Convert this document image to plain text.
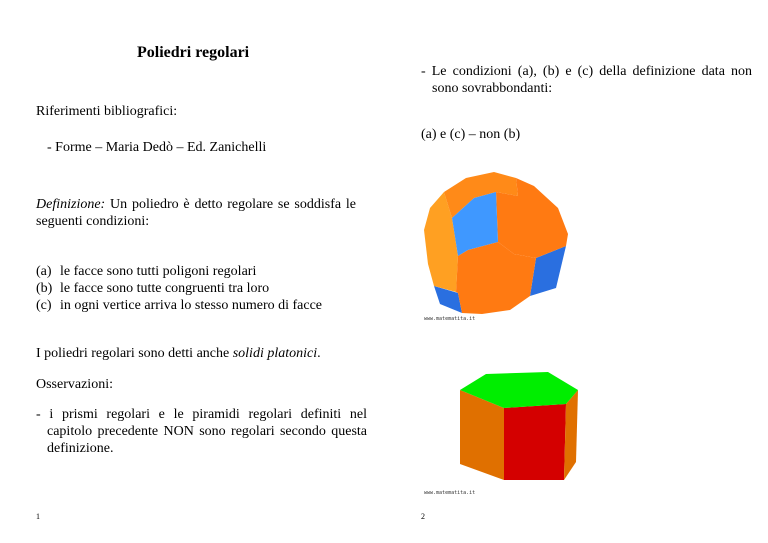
Poliedri regolari
Riferimenti bibliografici:
- Forme – Maria Dedò – Ed. Zanichelli
Definizione: Un poliedro è detto regolare se soddisfa le seguenti condizioni:
(a) le facce sono tutti poligoni regolari
(b) le facce sono tutte congruenti tra loro
(c) in ogni vertice arriva lo stesso numero di facce
I poliedri regolari sono detti anche solidi platonici.
Osservazioni:
- i prismi regolari e le piramidi regolari definiti nel capitolo precedente NON sono regolari secondo questa definizione.
1
- Le condizioni (a), (b) e (c) della definizione data non sono sovrabbondanti:
(a) e (c) – non (b)
www.matematita.it
www.matematita.it
2
